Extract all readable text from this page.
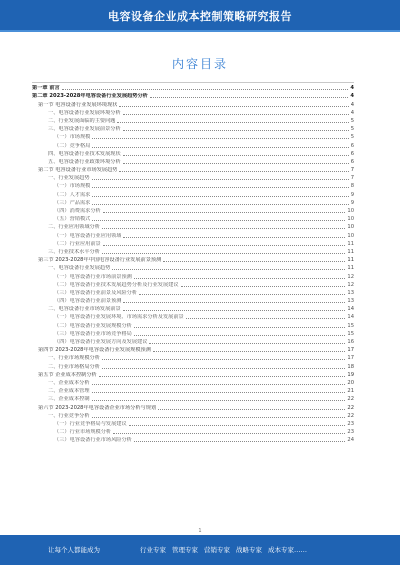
电容设备企业成本控制策略研究报告
内容目录
第一章 前言	4
第二章 2023-2028年电容设备行业发展趋势分析	4
第一节 电容设备行业发展环境现状	4
一、电容设备行业发展环境分析	4
二、行业发展面临的主要问题	5
三、电容设备行业发展前景分析	5
（一）市场规模	5
（二）竞争格局	6
四、电容设备行业技术发展现状	6
五、电容设备行业政策环境分析	6
第二节 电容设备行业市场发展趋势	7
一、行业发展趋势	7
（一）市场规模	8
（二）人才需求	9
（三）产品需求	9
（四）消费需求分析	10
（五）营销模式	10
二、行业应用领域分析	10
（一）电容设备行业应用领域	10
（二）行业应用前景	11
三、行业技术水平分析	11
第三节 2023-2028年中国电容设备行业发展前景预测	11
一、电容设备行业发展趋势	11
（一）电容设备行业市场前景预测	12
（二）电容设备行业技术发展趋势分析及行业发展建议	12
（三）电容设备行业前景及风险分析	13
（四）电容设备行业前景预测	13
二、电容设备行业市场发展前景	14
（一）电容设备行业发展环境、市场需求分析及发展前景	14
（二）电容设备行业发展规模分析	15
（三）电容设备行业市场竞争格局	15
（四）电容设备行业发展方向及发展建议	16
第四节 2023-2028年电容设备行业发展规模预测	17
一、行业市场规模分析	17
二、行业市场格局分析	18
第五节 企业成本控制分析	19
一、企业成本分析	20
二、企业成本管理	21
三、企业成本控制	22
第六节 2023-2028年电容设备企业市场分析与规划	22
一、行业竞争分析	22
（一）行业竞争格局与发展建议	23
（二）行业市场规模分析	23
（三）电容设备行业市场风险分析	24
1
让每个人都能成为	行业专家 管理专家 营销专家 战略专家 成本专家……
